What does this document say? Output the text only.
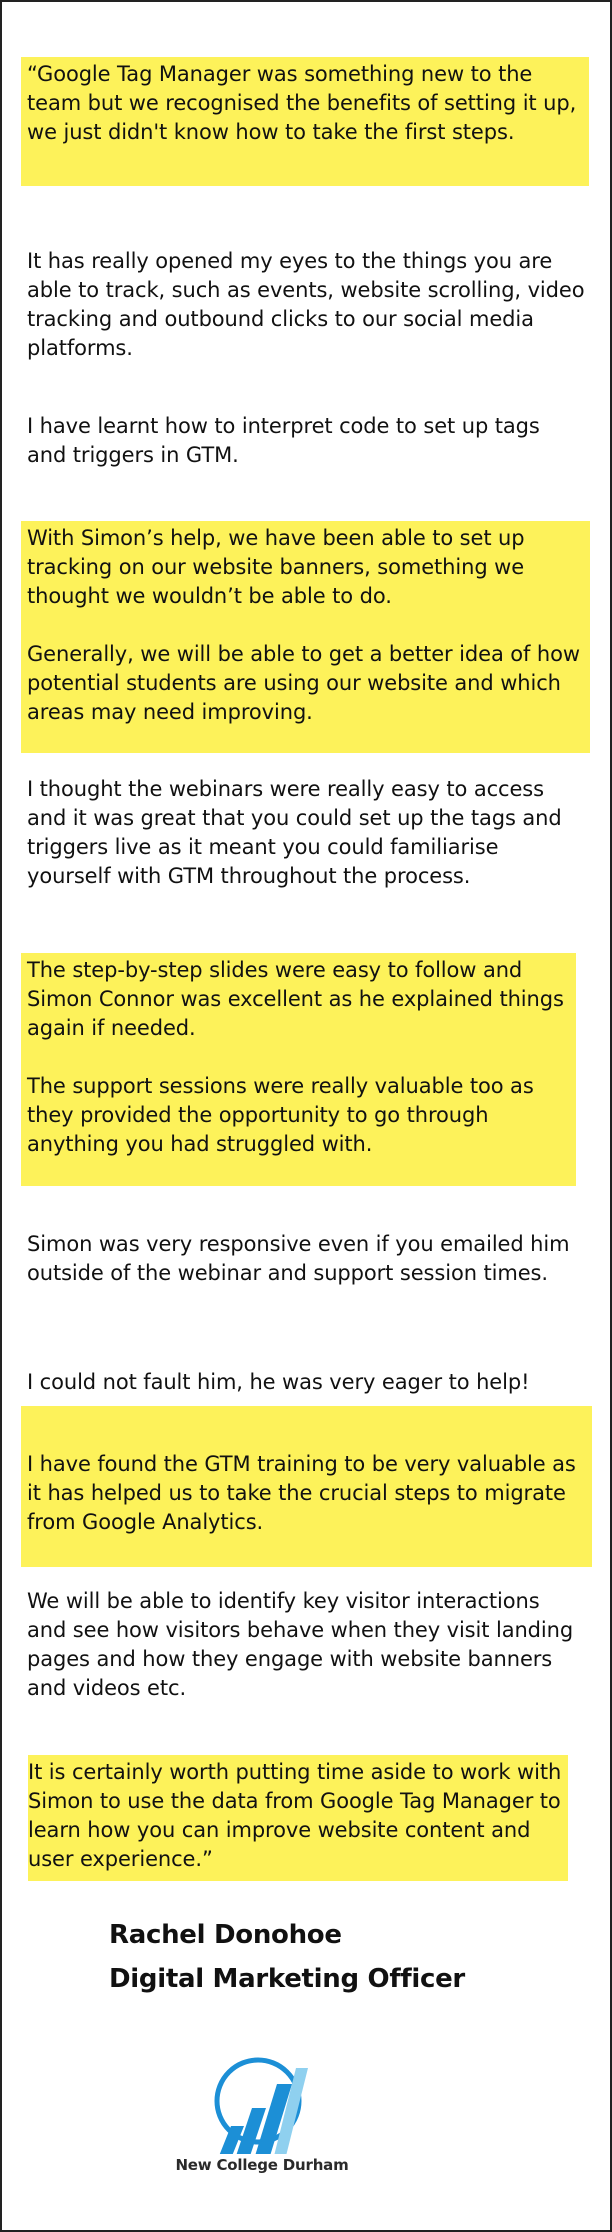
“Google Tag Manager was something new to the team but we recognised the benefits of setting it up, we just didn't know how to take the first steps.

It has really opened my eyes to the things you are able to track, such as events, website scrolling, video tracking and outbound clicks to our social media platforms.

I have learnt how to interpret code to set up tags and triggers in GTM.

With Simon’s help, we have been able to set up tracking on our website banners, something we thought we wouldn’t be able to do.

Generally, we will be able to get a better idea of how potential students are using our website and which areas may need improving.

I thought the webinars were really easy to access and it was great that you could set up the tags and triggers live as it meant you could familiarise yourself with GTM throughout the process.

The step-by-step slides were easy to follow and Simon Connor was excellent as he explained things again if needed.

The support sessions were really valuable too as they provided the opportunity to go through anything you had struggled with.

Simon was very responsive even if you emailed him outside of the webinar and support session times.

I could not fault him, he was very eager to help!

I have found the GTM training to be very valuable as it has helped us to take the crucial steps to migrate from Google Analytics.

We will be able to identify key visitor interactions and see how visitors behave when they visit landing pages and how they engage with website banners and videos etc.

It is certainly worth putting time aside to work with Simon to use the data from Google Tag Manager to learn how you can improve website content and user experience.”

Rachel Donohoe
Digital Marketing Officer
New College Durham
